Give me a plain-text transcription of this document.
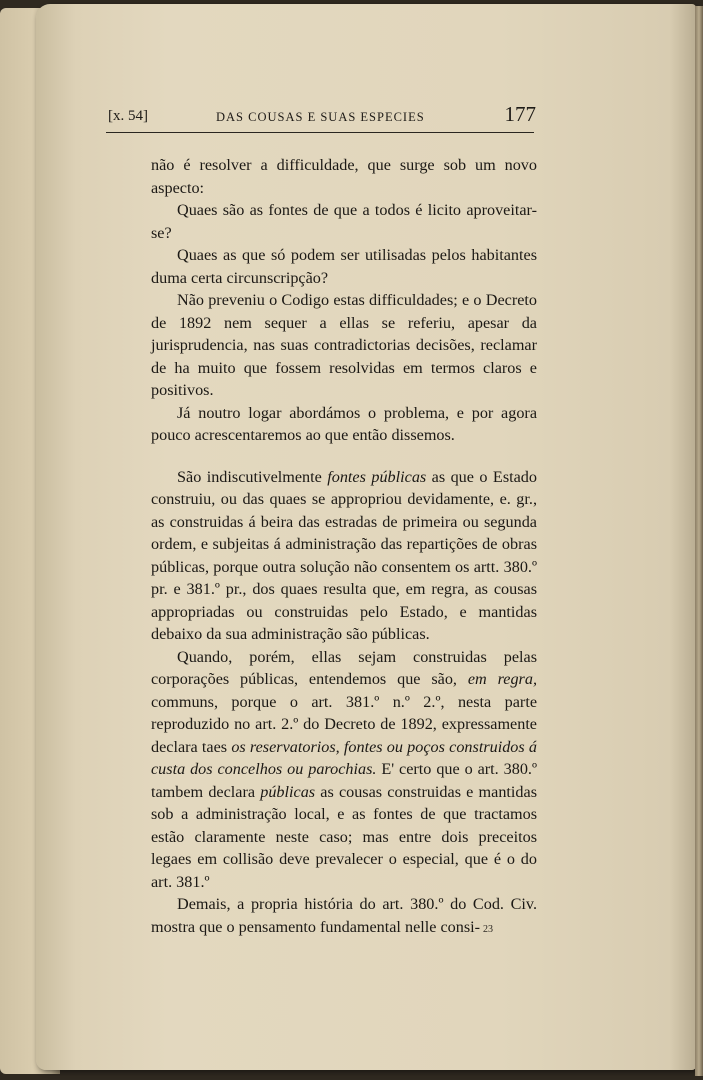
[x. 54]	DAS COUSAS E SUAS ESPECIES	177

não é resolver a difficuldade, que surge sob um novo aspecto:

Quaes são as fontes de que a todos é licito aproveitar-se?

Quaes as que só podem ser utilisadas pelos habitantes duma certa circunscripção?

Não preveniu o Codigo estas difficuldades; e o Decreto de 1892 nem sequer a ellas se referiu, apesar da jurisprudencia, nas suas contradictorias decisões, reclamar de ha muito que fossem resolvidas em termos claros e positivos.

Já noutro logar abordámos o problema, e por agora pouco acrescentaremos ao que então dissemos.

São indiscutivelmente fontes públicas as que o Estado construiu, ou das quaes se appropriou devidamente, e. gr., as construidas á beira das estradas de primeira ou segunda ordem, e subjeitas á administração das repartições de obras públicas, porque outra solução não consentem os artt. 380.º pr. e 381.º pr., dos quaes resulta que, em regra, as cousas appropriadas ou construidas pelo Estado, e mantidas debaixo da sua administração são públicas.

Quando, porém, ellas sejam construidas pelas corporações públicas, entendemos que são, em regra, communs, porque o art. 381.º n.º 2.º, nesta parte reproduzido no art. 2.º do Decreto de 1892, expressamente declara taes os reservatorios, fontes ou poços construidos á custa dos concelhos ou parochias. E' certo que o art. 380.º tambem declara públicas as cousas construidas e mantidas sob a administração local, e as fontes de que tractamos estão claramente neste caso; mas entre dois preceitos legaes em collisão deve prevalecer o especial, que é o do art. 381.º

Demais, a propria história do art. 380.º do Cod. Civ. mostra que o pensamento fundamental nelle consi- 23
